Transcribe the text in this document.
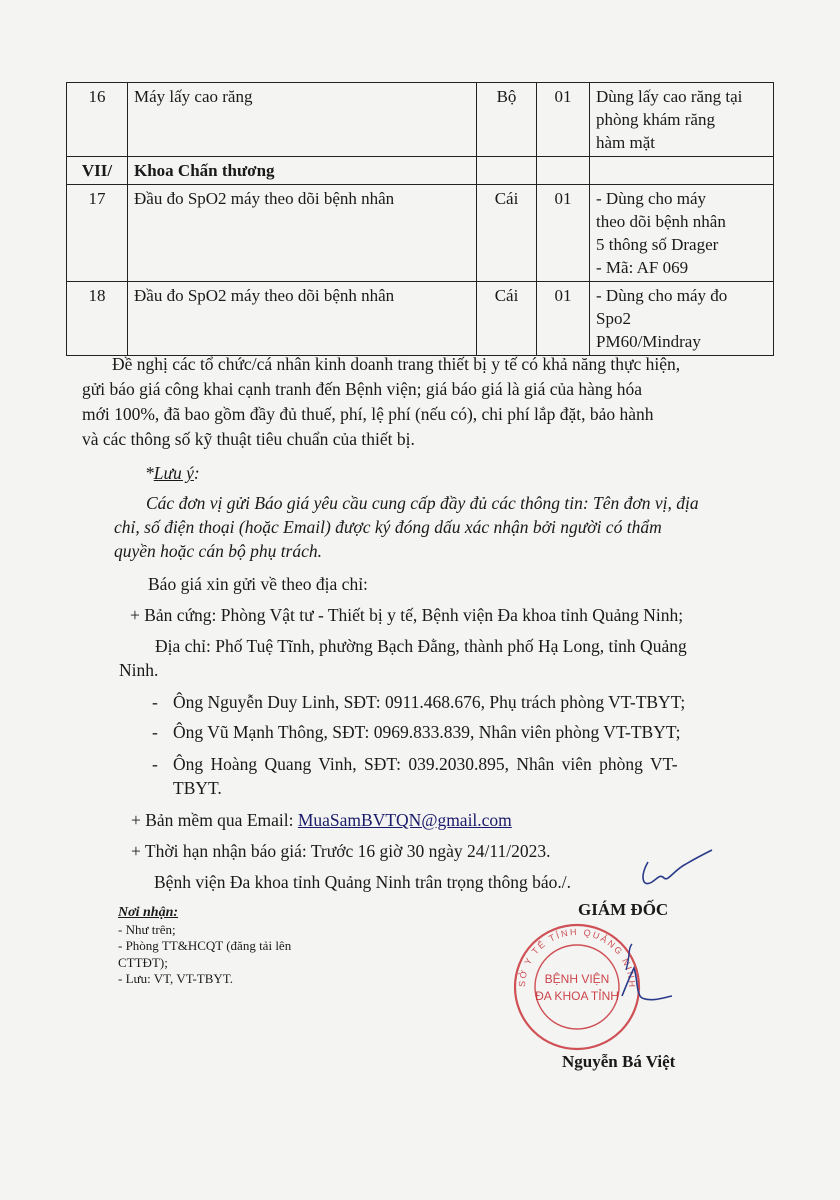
16	Máy lấy cao răng	Bộ	01	Dùng lấy cao răng tại
phòng khám răng
hàm mặt

VII/	Khoa Chấn thương			
17	Đầu đo SpO2 máy theo dõi bệnh nhân	Cái	01	- Dùng cho máy
theo dõi bệnh nhân
5 thông số Drager
- Mã: AF 069

18	Đầu đo SpO2 máy theo dõi bệnh nhân	Cái	01	- Dùng cho máy đo
Spo2
PM60/Mindray
Đề nghị các tổ chức/cá nhân kinh doanh trang thiết bị y tế có khả năng thực hiện,
gửi báo giá công khai cạnh tranh đến Bệnh viện; giá báo giá là giá của hàng hóa
mới 100%, đã bao gồm đầy đủ thuế, phí, lệ phí (nếu có), chi phí lắp đặt, bảo hành
và các thông số kỹ thuật tiêu chuẩn của thiết bị.
*Lưu ý:
Các đơn vị gửi Báo giá yêu cầu cung cấp đầy đủ các thông tin: Tên đơn vị, địa
chỉ, số điện thoại (hoặc Email) được ký đóng dấu xác nhận bởi người có thẩm
quyền hoặc cán bộ phụ trách.
Báo giá xin gửi về theo địa chỉ:
+ Bản cứng: Phòng Vật tư - Thiết bị y tế, Bệnh viện Đa khoa tỉnh Quảng Ninh;
Địa chỉ: Phố Tuệ Tĩnh, phường Bạch Đằng, thành phố Hạ Long, tỉnh Quảng
Ninh.
- Ông Nguyễn Duy Linh, SĐT: 0911.468.676, Phụ trách phòng VT-TBYT;
- Ông Vũ Mạnh Thông, SĐT: 0969.833.839, Nhân viên phòng VT-TBYT;
- Ông Hoàng Quang Vinh, SĐT: 039.2030.895, Nhân viên phòng VT-
TBYT.
+ Bản mềm qua Email: MuaSamBVTQN@gmail.com
+ Thời hạn nhận báo giá: Trước 16 giờ 30 ngày 24/11/2023.
Bệnh viện Đa khoa tỉnh Quảng Ninh trân trọng thông báo./.
Nơi nhận:
- Như trên;
- Phòng TT&HCQT (đăng tải lên
CTTĐT);
- Lưu: VT, VT-TBYT.
GIÁM ĐỐC
SỞ Y TẾ TỈNH QUẢNG NINH
BỆNH VIỆN
ĐA KHOA TỈNH
Nguyễn Bá Việt
